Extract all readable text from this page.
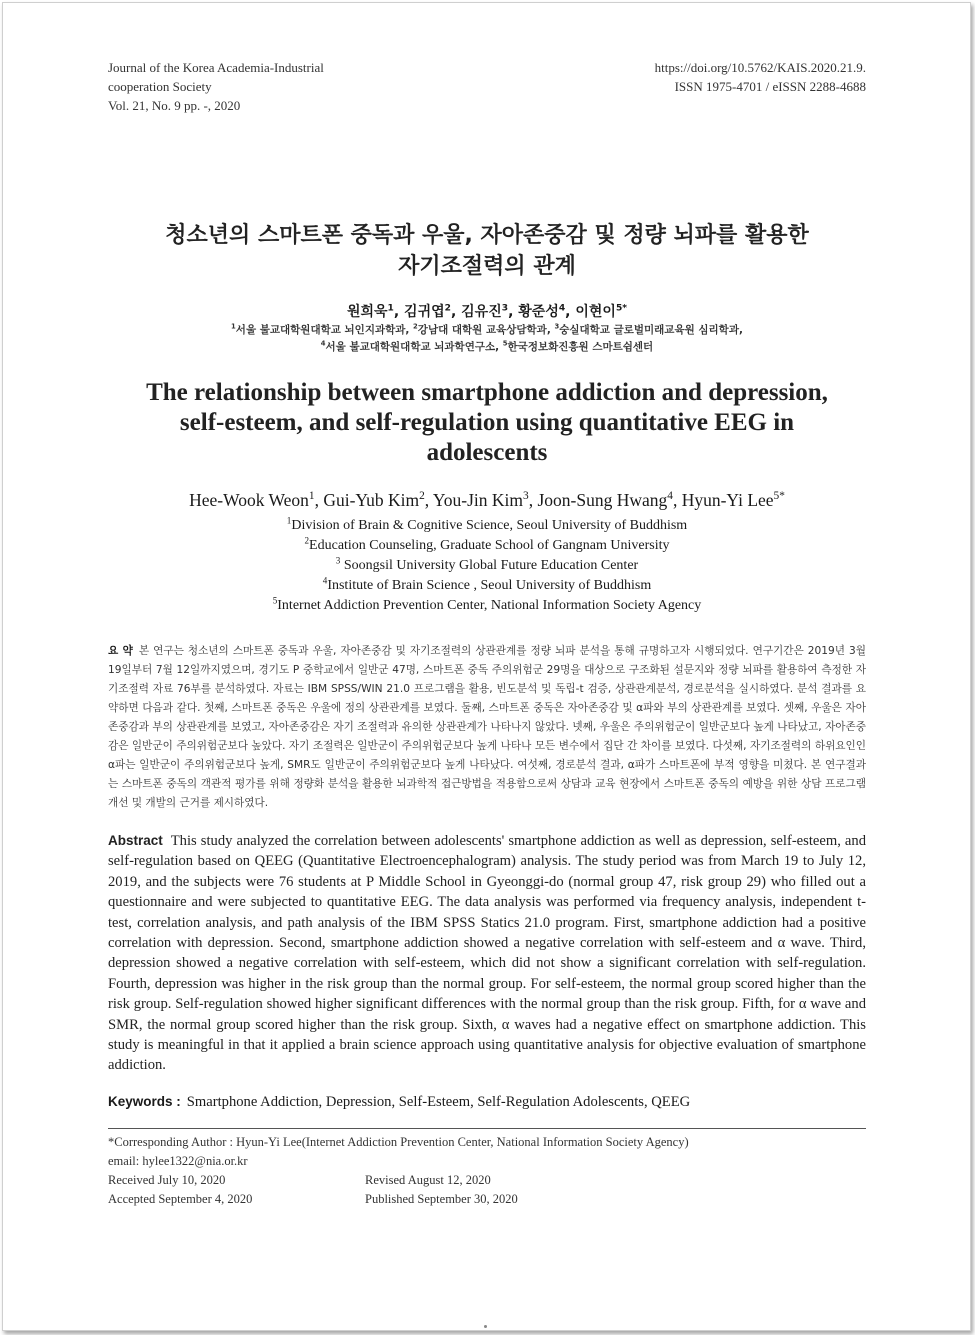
Journal of the Korea Academia-Industrial
cooperation Society
Vol. 21, No. 9 pp. -, 2020
https://doi.org/10.5762/KAIS.2020.21.9.
ISSN 1975-4701 / eISSN 2288-4688
청소년의 스마트폰 중독과 우울, 자아존중감 및 정량 뇌파를 활용한
자기조절력의 관계
원희욱$^1$, 김귀엽$^2$, 김유진$^3$, 황준성$^4$, 이현이$^{5*}$
$^1$서울 불교대학원대학교 뇌인지과학과, $^2$강남대 대학원 교육상담학과, $^3$숭실대학교 글로벌미래교육원 심리학과,
$^4$서울 불교대학원대학교 뇌과학연구소, $^5$한국정보화진흥원 스마트쉼센터
The relationship between smartphone addiction and depression,
self-esteem, and self-regulation using quantitative EEG in
adolescents
Hee-Wook Weon$^1$, Gui-Yub Kim$^2$, You-Jin Kim$^3$, Joon-Sung Hwang$^4$, Hyun-Yi Lee$^{5*}$
$^1$Division of Brain & Cognitive Science, Seoul University of Buddhism
$^2$Education Counseling, Graduate School of Gangnam University
$^3$ Soongsil University Global Future Education Center
$^4$Institute of Brain Science , Seoul University of Buddhism
$^5$Internet Addiction Prevention Center, National Information Society Agency
요 약 본 연구는 청소년의 스마트폰 중독과 우울, 자아존중감 및 자기조절력의 상관관계를 정량 뇌파 분석을 통해 규명하고자 시행되었다. 연구기간은 2019년 3월 19일부터 7월 12일까지였으며, 경기도 P 중학교에서 일반군 47명, 스마트폰 중독 주의위험군 29명을 대상으로 구조화된 설문지와 정량 뇌파를 활용하여 측정한 자기조절력 자료 76부를 분석하였다. 자료는 IBM SPSS/WIN 21.0 프로그램을 활용, 빈도분석 및 독립-t 검증, 상관관계분석, 경로분석을 실시하였다. 분석 결과를 요약하면 다음과 같다. 첫째, 스마트폰 중독은 우울에 정의 상관관계를 보였다. 둘째, 스마트폰 중독은 자아존중감 및 α파와 부의 상관관계를 보였다. 셋째, 우울은 자아존중감과 부의 상관관계를 보였고, 자아존중감은 자기 조절력과 유의한 상관관계가 나타나지 않았다. 넷째, 우울은 주의위험군이 일반군보다 높게 나타났고, 자아존중감은 일반군이 주의위험군보다 높았다. 자기 조절력은 일반군이 주의위험군보다 높게 나타나 모든 변수에서 집단 간 차이를 보였다. 다섯째, 자기조절력의 하위요인인 α파는 일반군이 주의위험군보다 높게, SMR도 일반군이 주의위험군보다 높게 나타났다. 여섯째, 경로분석 결과, α파가 스마트폰에 부적 영향을 미쳤다. 본 연구결과는 스마트폰 중독의 객관적 평가를 위해 정량화 분석을 활용한 뇌과학적 접근방법을 적용함으로써 상담과 교육 현장에서 스마트폰 중독의 예방을 위한 상담 프로그램 개선 및 개발의 근거를 제시하였다.
Abstract This study analyzed the correlation between adolescents' smartphone addiction as well as depression, self-esteem, and self-regulation based on QEEG (Quantitative Electroencephalogram) analysis. The study period was from March 19 to July 12, 2019, and the subjects were 76 students at P Middle School in Gyeonggi-do (normal group 47, risk group 29) who filled out a questionnaire and were subjected to quantitative EEG. The data analysis was performed via frequency analysis, independent t-test, correlation analysis, and path analysis of the IBM SPSS Statics 21.0 program. First, smartphone addiction had a positive correlation with depression. Second, smartphone addiction showed a negative correlation with self-esteem and α wave. Third, depression showed a negative correlation with self-esteem, which did not show a significant correlation with self-regulation. Fourth, depression was higher in the risk group than the normal group. For self-esteem, the normal group scored higher than the risk group. Self-regulation showed higher significant differences with the normal group than the risk group. Fifth, for α wave and SMR, the normal group scored higher than the risk group. Sixth, α waves had a negative effect on smartphone addiction. This study is meaningful in that it applied a brain science approach using quantitative analysis for objective evaluation of smartphone addiction.
Keywords : Smartphone Addiction, Depression, Self-Esteem, Self-Regulation Adolescents, QEEG
*Corresponding Author : Hyun-Yi Lee(Internet Addiction Prevention Center, National Information Society Agency)
email: hylee1322@nia.or.kr
Received July 10, 2020	Revised August 12, 2020
Accepted September 4, 2020	Published September 30, 2020
